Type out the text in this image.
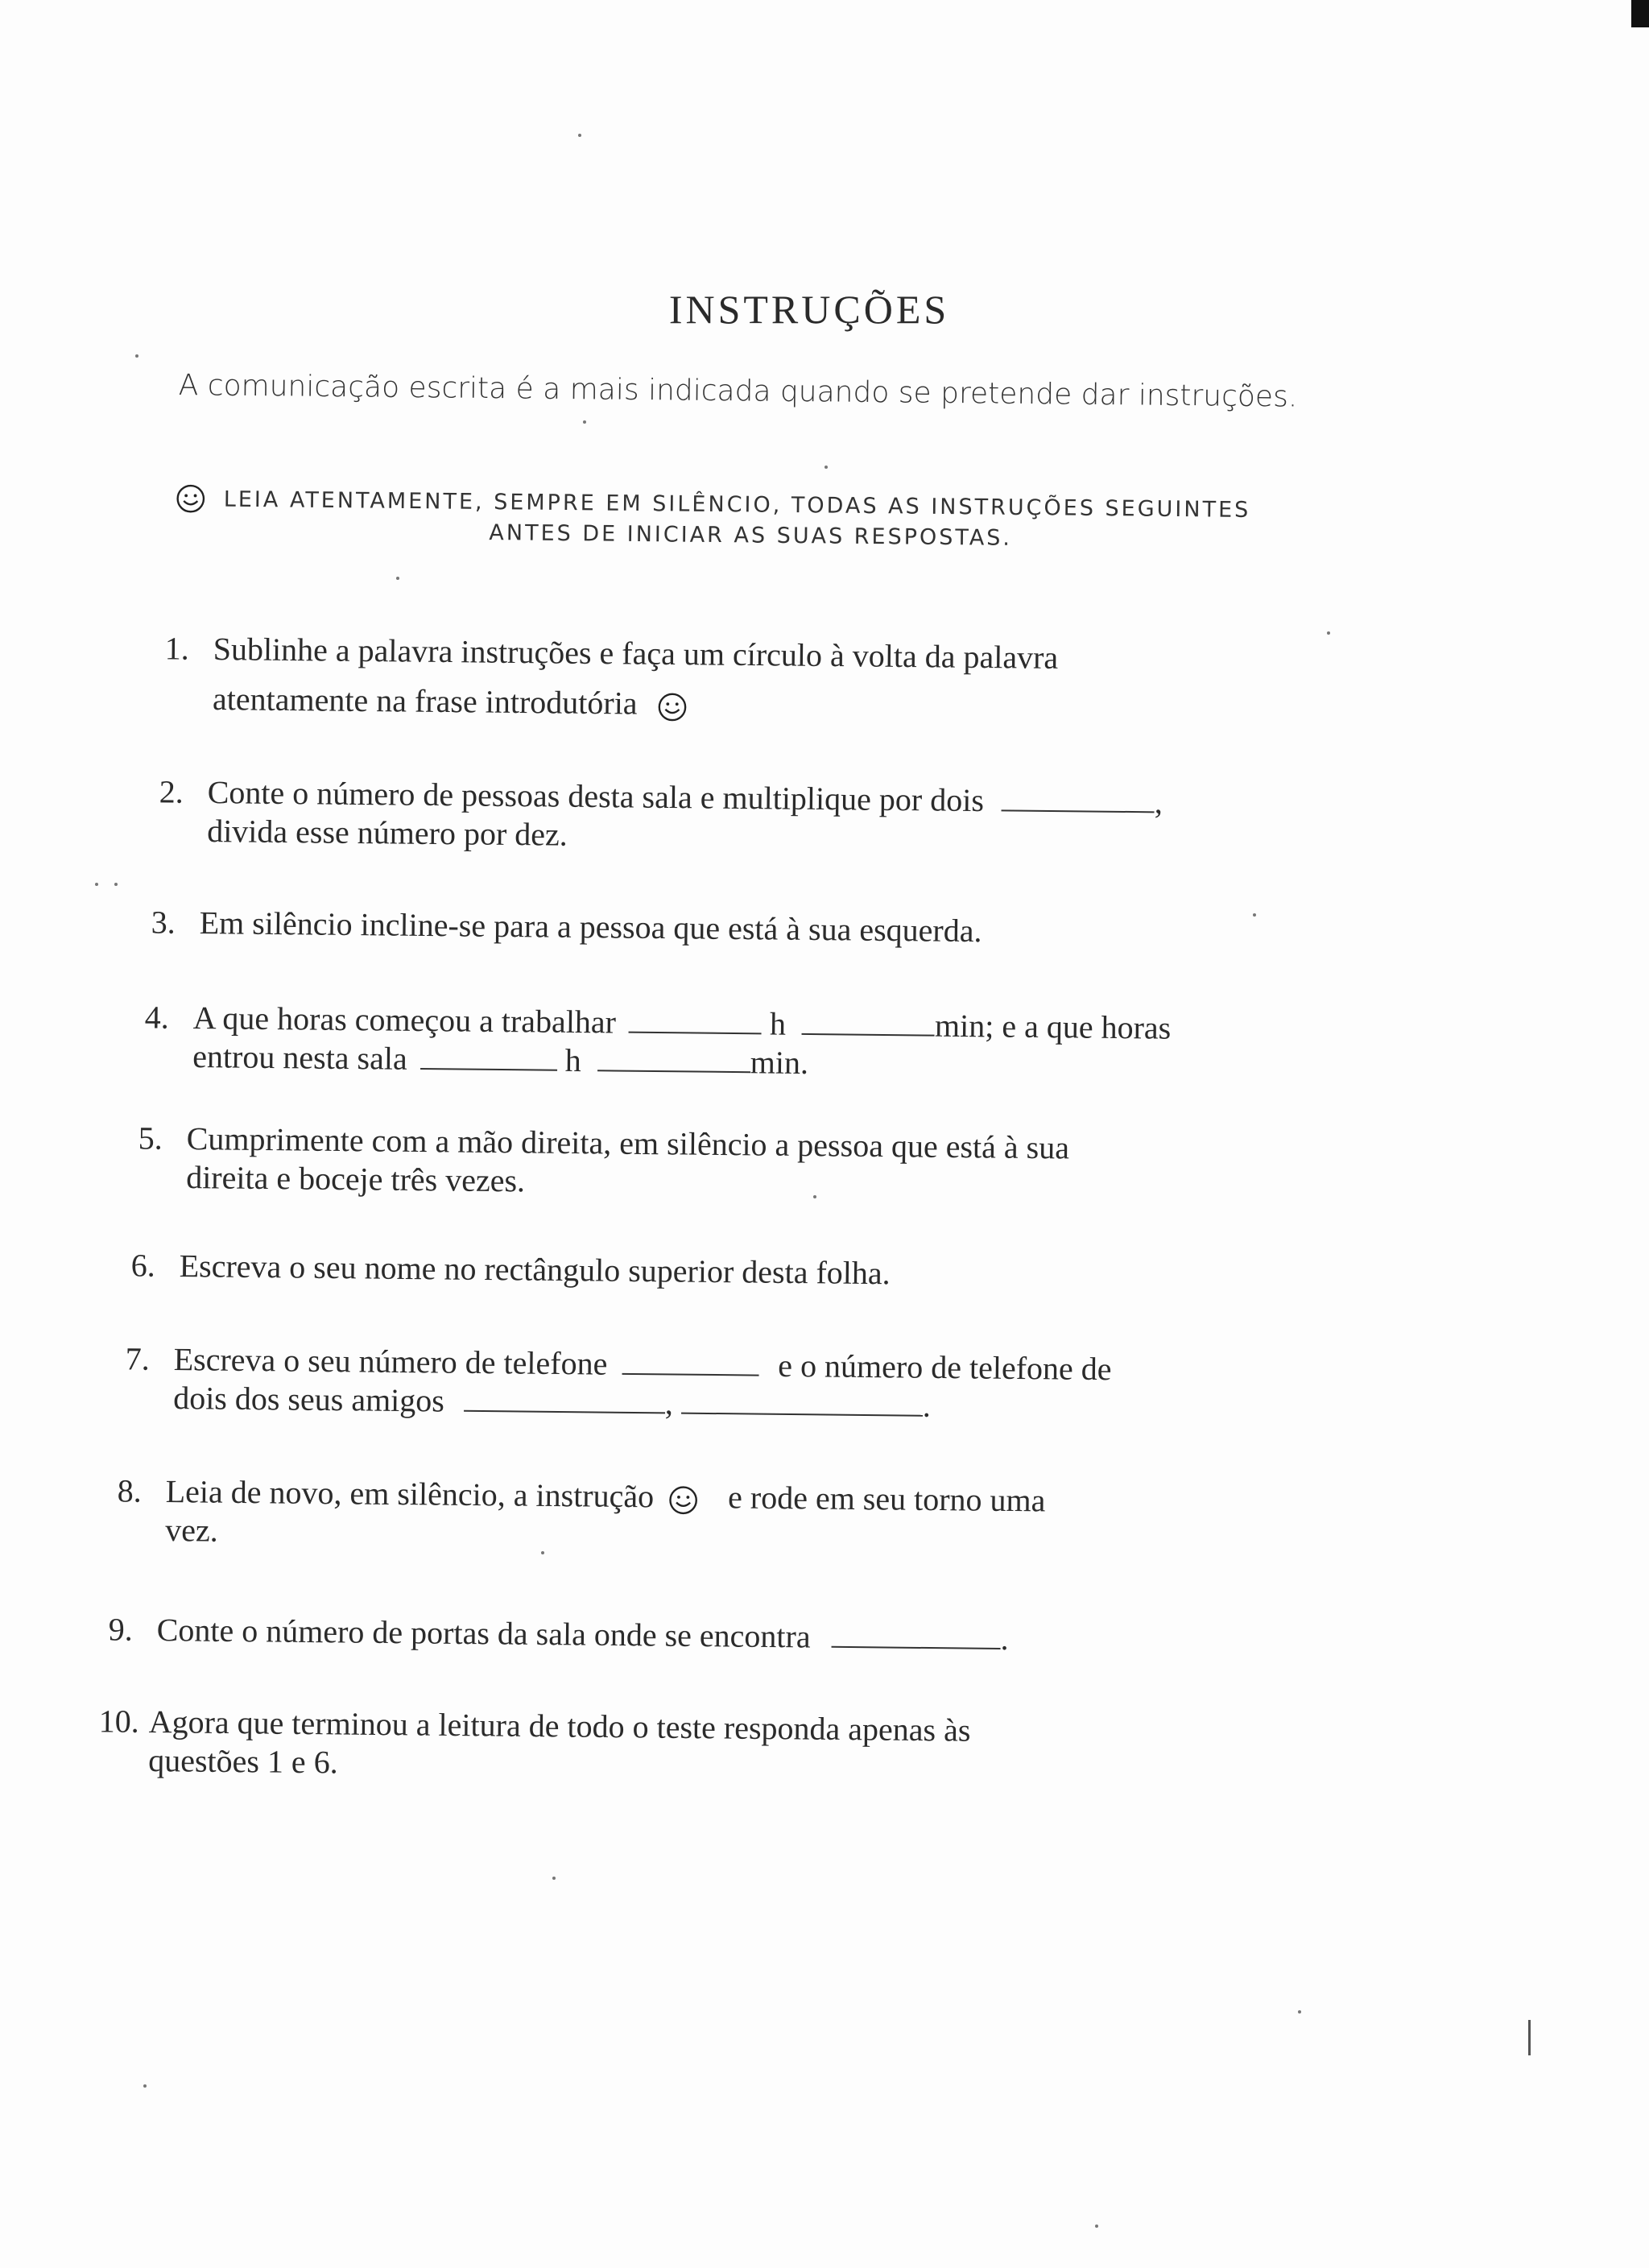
INSTRUÇÕES
A comunicação escrita é a mais indicada quando se pretende dar instruções.
LEIA ATENTAMENTE, SEMPRE EM SILÊNCIO, TODAS AS INSTRUÇÕES SEGUINTES
ANTES DE INICIAR AS SUAS RESPOSTAS.
1. Sublinhe a palavra instruções e faça um círculo à volta da palavra
atentamente na frase introdutória
2. Conte o número de pessoas desta sala e multiplique por dois	,
divida esse número por dez.
3. Em silêncio incline-se para a pessoa que está à sua esquerda.
4. A que horas começou a trabalhar	h	min; e a que horas
entrou nesta sala	h	min.
5. Cumprimente com a mão direita, em silêncio a pessoa que está à sua
direita e boceje três vezes.
6. Escreva o seu nome no rectângulo superior desta folha.
7. Escreva o seu número de telefone	e o número de telefone de
dois dos seus amigos	,	.
8. Leia de novo, em silêncio, a instrução e rode em seu torno uma
vez.
9. Conte o número de portas da sala onde se encontra	.
10. Agora que terminou a leitura de todo o teste responda apenas às
questões 1 e 6.
